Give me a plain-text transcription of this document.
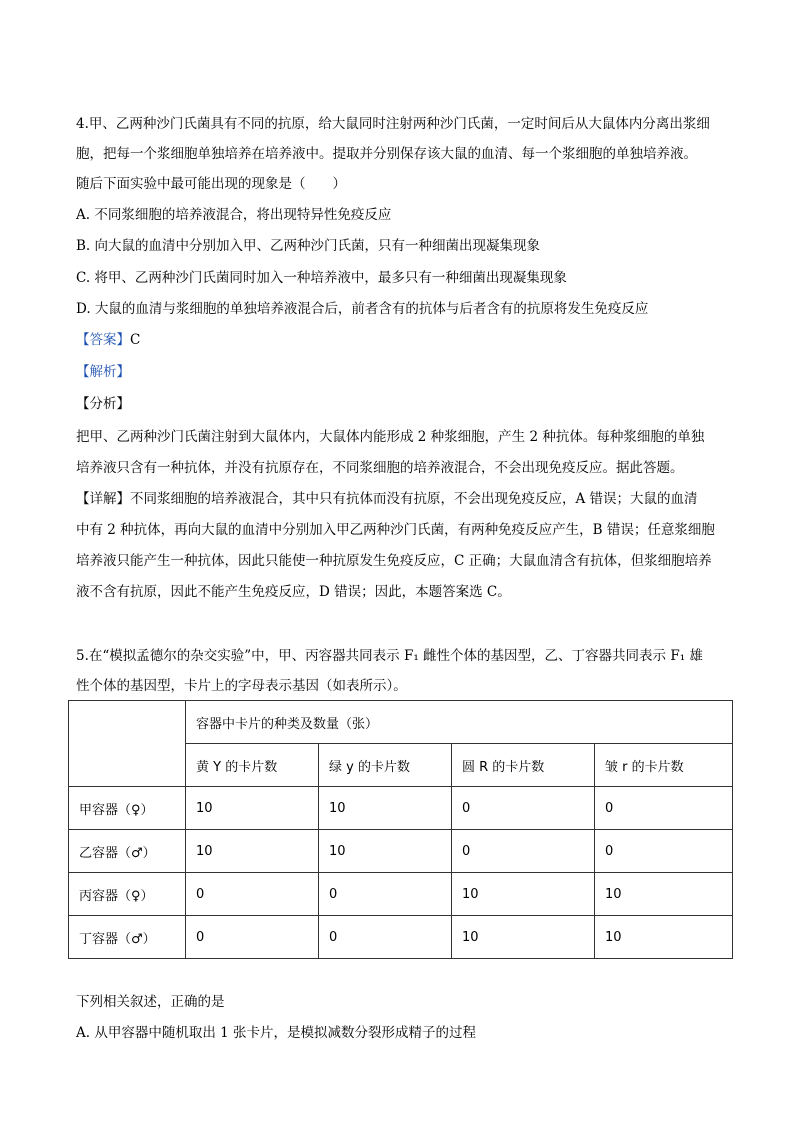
4.甲、乙两种沙门氏菌具有不同的抗原，给大鼠同时注射两种沙门氏菌，一定时间后从大鼠体内分离出浆细
胞，把每一个浆细胞单独培养在培养液中。提取并分别保存该大鼠的血清、每一个浆细胞的单独培养液。
随后下面实验中最可能出现的现象是（　　）
A. 不同浆细胞的培养液混合，将出现特异性免疫反应
B. 向大鼠的血清中分别加入甲、乙两种沙门氏菌，只有一种细菌出现凝集现象
C. 将甲、乙两种沙门氏菌同时加入一种培养液中，最多只有一种细菌出现凝集现象
D. 大鼠的血清与浆细胞的单独培养液混合后，前者含有的抗体与后者含有的抗原将发生免疫反应
【答案】C
【解析】
【分析】
把甲、乙两种沙门氏菌注射到大鼠体内，大鼠体内能形成 2 种浆细胞，产生 2 种抗体。每种浆细胞的单独
培养液只含有一种抗体，并没有抗原存在，不同浆细胞的培养液混合，不会出现免疫反应。据此答题。
【详解】不同浆细胞的培养液混合，其中只有抗体而没有抗原，不会出现免疫反应，A 错误；大鼠的血清
中有 2 种抗体，再向大鼠的血清中分别加入甲乙两种沙门氏菌，有两种免疫反应产生，B 错误；任意浆细胞
培养液只能产生一种抗体，因此只能使一种抗原发生免疫反应，C 正确；大鼠血清含有抗体，但浆细胞培养
液不含有抗原，因此不能产生免疫反应，D 错误；因此，本题答案选 C。
5.在“模拟孟德尔的杂交实验”中，甲、丙容器共同表示 F₁ 雌性个体的基因型，乙、丁容器共同表示 F₁ 雄
性个体的基因型，卡片上的字母表示基因（如表所示）。
	容器中卡片的种类及数量（张）			
	黄 Y 的卡片数	绿 y 的卡片数	圆 R 的卡片数	皱 r 的卡片数
甲容器（♀）	10	10	0	0
乙容器（♂）	10	10	0	0
丙容器（♀）	0	0	10	10
丁容器（♂）	0	0	10	10
下列相关叙述，正确的是
A. 从甲容器中随机取出 1 张卡片，是模拟减数分裂形成精子的过程
